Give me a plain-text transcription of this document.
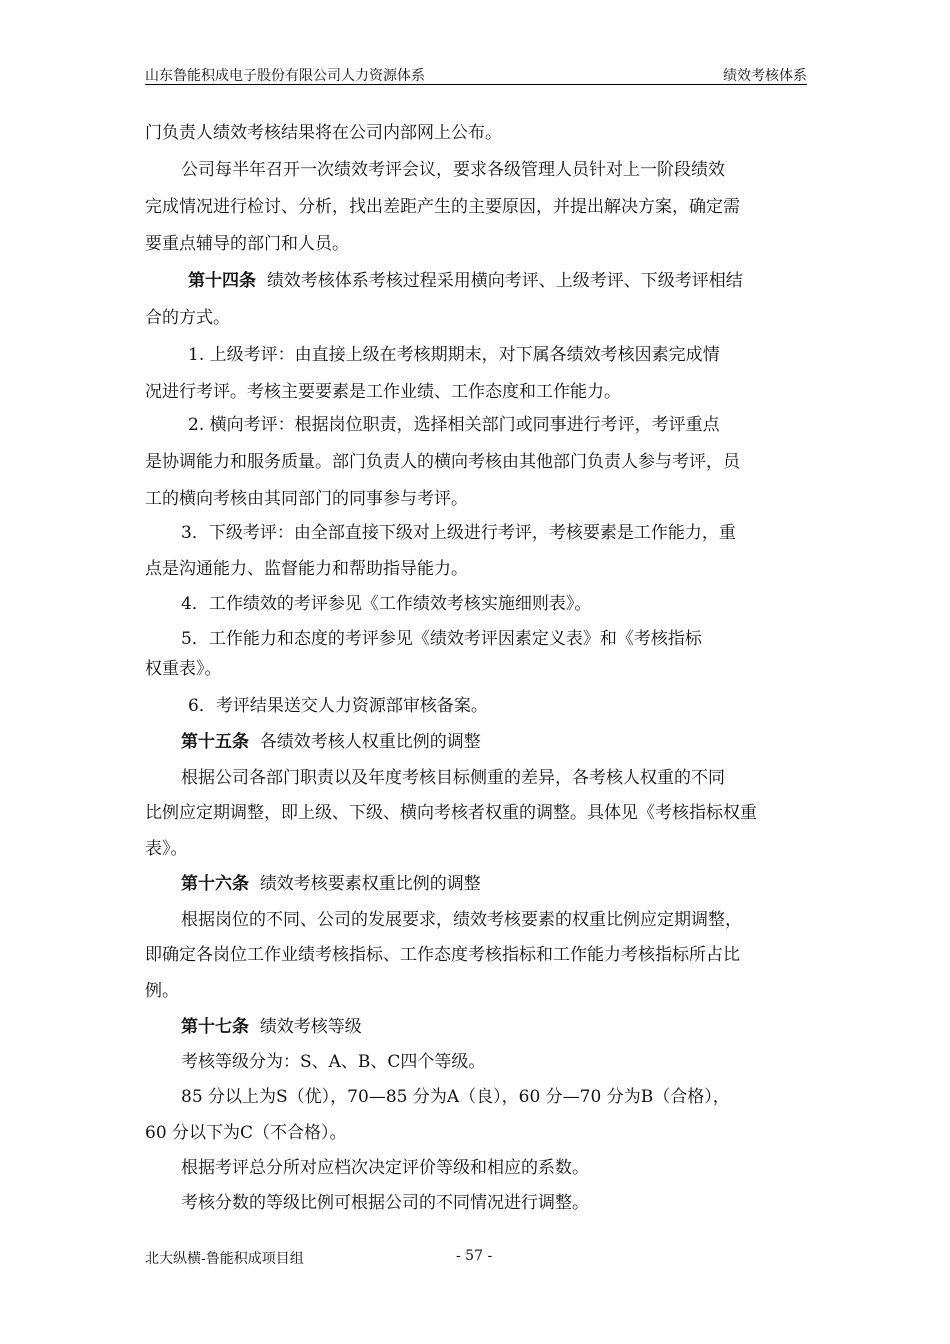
山东鲁能积成电子股份有限公司人力资源体系	绩效考核体系
门负责人绩效考核结果将在公司内部网上公布。
公司每半年召开一次绩效考评会议，要求各级管理人员针对上一阶段绩效
完成情况进行检讨、分析，找出差距产生的主要原因，并提出解决方案，确定需
要重点辅导的部门和人员。
第十四条 绩效考核体系考核过程采用横向考评、上级考评、下级考评相结
合的方式。
1. 上级考评：由直接上级在考核期期末，对下属各绩效考核因素完成情
况进行考评。考核主要要素是工作业绩、工作态度和工作能力。
2. 横向考评：根据岗位职责，选择相关部门或同事进行考评，考评重点
是协调能力和服务质量。部门负责人的横向考核由其他部门负责人参与考评，员
工的横向考核由其同部门的同事参与考评。
3．下级考评：由全部直接下级对上级进行考评，考核要素是工作能力，重
点是沟通能力、监督能力和帮助指导能力。
4．工作绩效的考评参见《工作绩效考核实施细则表》。
5．工作能力和态度的考评参见《绩效考评因素定义表》和《考核指标
权重表》。
6．考评结果送交人力资源部审核备案。
第十五条 各绩效考核人权重比例的调整
根据公司各部门职责以及年度考核目标侧重的差异，各考核人权重的不同
比例应定期调整，即上级、下级、横向考核者权重的调整。具体见《考核指标权重
表》。
第十六条 绩效考核要素权重比例的调整
根据岗位的不同、公司的发展要求，绩效考核要素的权重比例应定期调整，
即确定各岗位工作业绩考核指标、工作态度考核指标和工作能力考核指标所占比
例。
第十七条 绩效考核等级
考核等级分为：S、A、B、C四个等级。
85 分以上为S（优），70—85 分为A（良），60 分—70 分为B（合格），
60 分以下为C（不合格）。
根据考评总分所对应档次决定评价等级和相应的系数。
考核分数的等级比例可根据公司的不同情况进行调整。
北大纵横-鲁能积成项目组	- 57 -
